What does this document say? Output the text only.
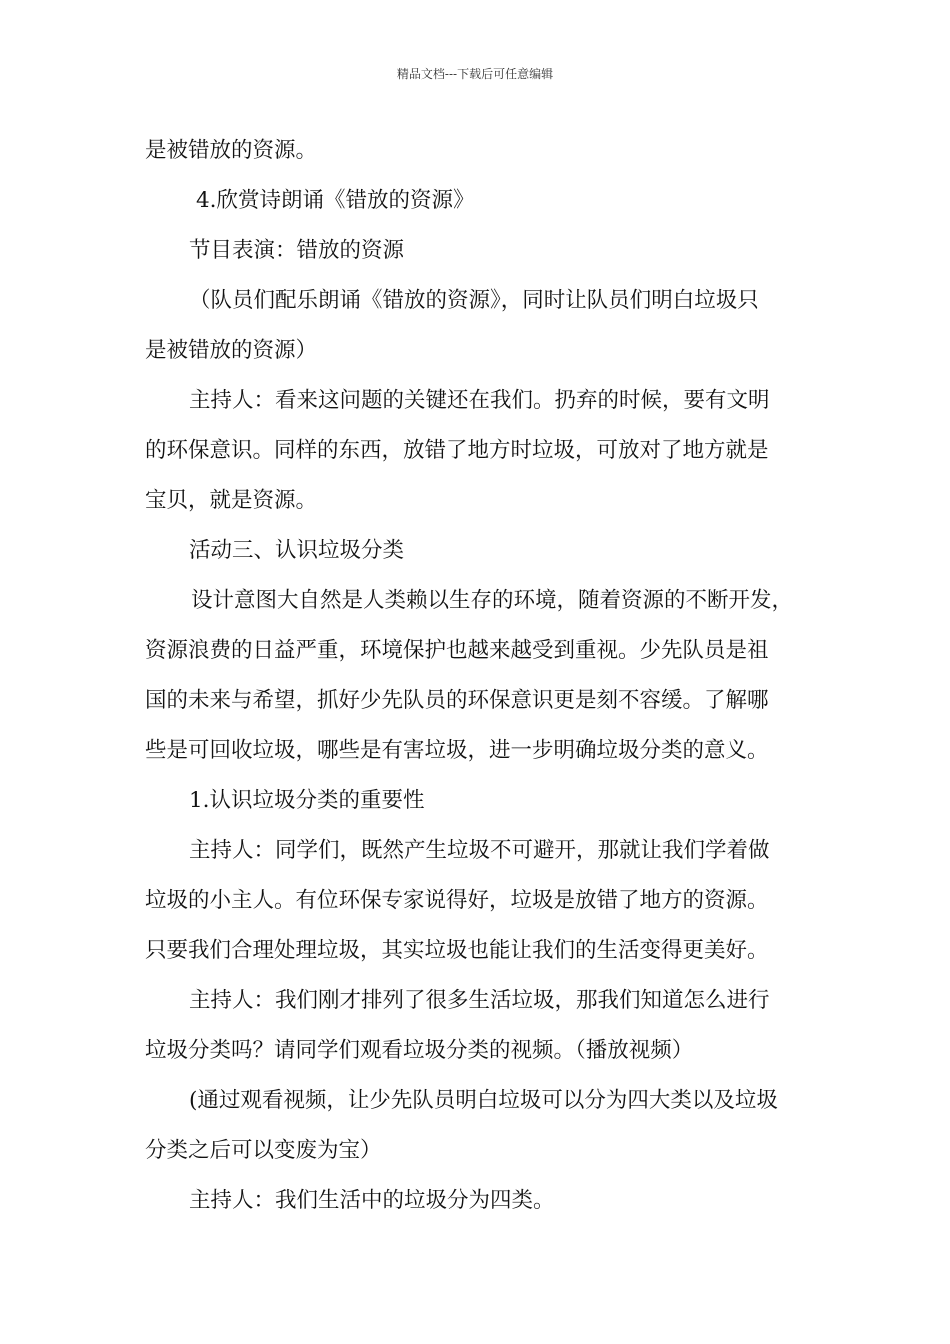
精品文档---下载后可任意编辑
是被错放的资源。
4.欣赏诗朗诵《错放的资源》
节目表演：错放的资源
（队员们配乐朗诵《错放的资源》，同时让队员们明白垃圾只
是被错放的资源）
主持人：看来这问题的关键还在我们。扔弃的时候，要有文明
的环保意识。同样的东西，放错了地方时垃圾，可放对了地方就是
宝贝，就是资源。
活动三、认识垃圾分类
设计意图大自然是人类赖以生存的环境，随着资源的不断开发，
资源浪费的日益严重，环境保护也越来越受到重视。少先队员是祖
国的未来与希望，抓好少先队员的环保意识更是刻不容缓。了解哪
些是可回收垃圾，哪些是有害垃圾，进一步明确垃圾分类的意义。
1.认识垃圾分类的重要性
主持人：同学们，既然产生垃圾不可避开，那就让我们学着做
垃圾的小主人。有位环保专家说得好，垃圾是放错了地方的资源。
只要我们合理处理垃圾，其实垃圾也能让我们的生活变得更美好。
主持人：我们刚才排列了很多生活垃圾，那我们知道怎么进行
垃圾分类吗？请同学们观看垃圾分类的视频。（播放视频）
(通过观看视频，让少先队员明白垃圾可以分为四大类以及垃圾
分类之后可以变废为宝）
主持人：我们生活中的垃圾分为四类。
